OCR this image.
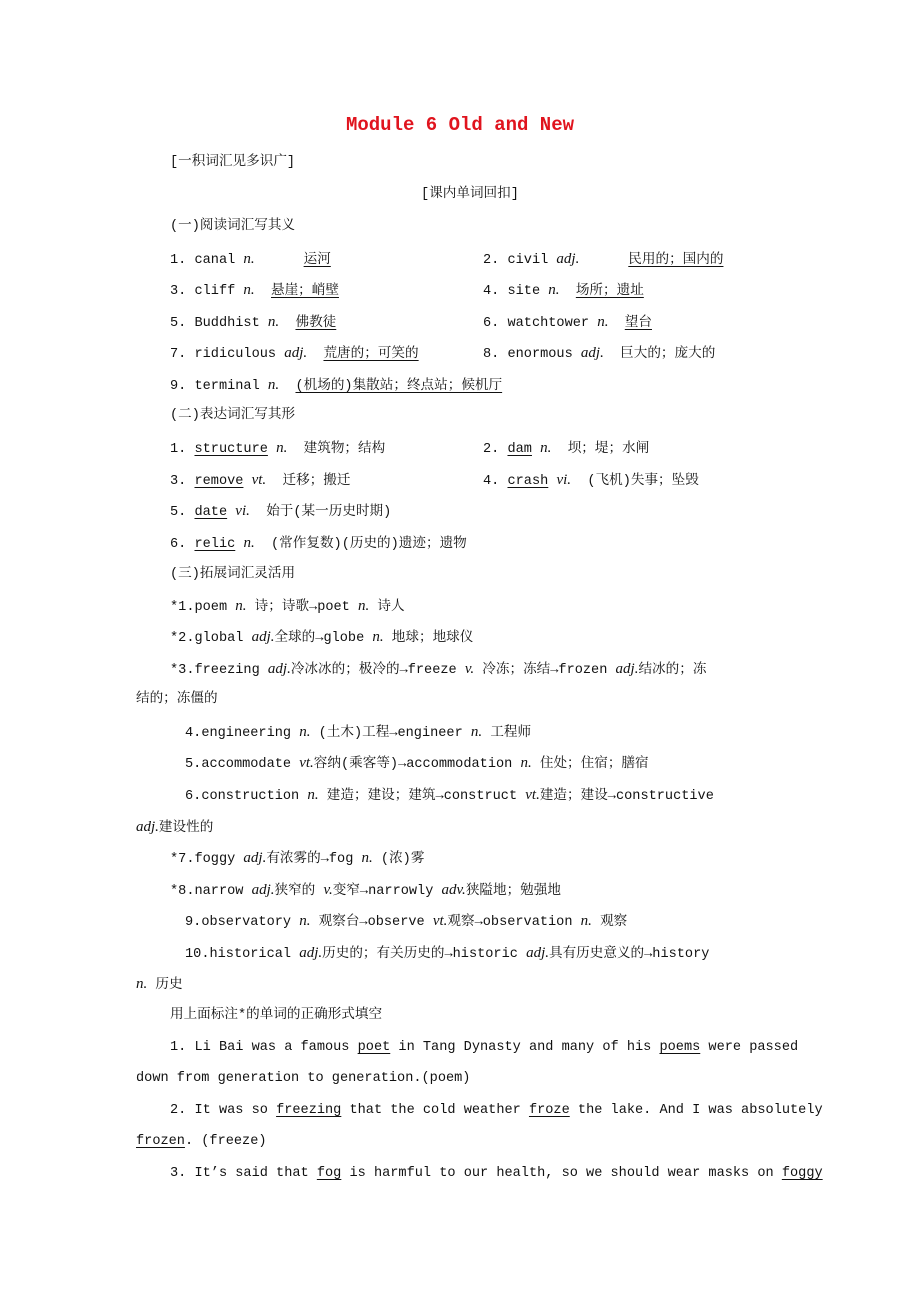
Module 6 Old and New
[一积词汇见多识广]
[课内单词回扣]
(一)阅读词汇写其义
1. canal n.	运河	2. civil adj.	民用的；国内的
3. cliff n. 悬崖；峭壁	4. site n. 场所；遗址
5. Buddhist n. 佛教徒	6. watchtower n. 望台
7. ridiculous adj. 荒唐的；可笑的	8. enormous adj. 巨大的；庞大的
9. terminal n. (机场的)集散站；终点站；候机厅
(二)表达词汇写其形
1. structure n.  建筑物；结构	2. dam n.  坝；堤；水闸
3. remove vt.  迁移；搬迁	4. crash vi.  (飞机)失事；坠毁
5. date vi.  始于(某一历史时期)
6. relic n.  (常作复数)(历史的)遗迹；遗物
(三)拓展词汇灵活用
*1.poem n. 诗；诗歌→poet n. 诗人
*2.global adj.全球的→globe n. 地球；地球仪
*3.freezing adj.冷冰冰的；极冷的→freeze v. 冷冻；冻结→frozen adj.结冰的；冻
结的；冻僵的
4.engineering n. (土木)工程→engineer n. 工程师
5.accommodate vt.容纳(乘客等)→accommodation n. 住处；住宿；膳宿
6.construction n. 建造；建设；建筑→construct vt.建造；建设→constructive
adj.建设性的
*7.foggy adj.有浓雾的→fog n. (浓)雾
*8.narrow adj.狭窄的 v.变窄→narrowly adv.狭隘地；勉强地
9.observatory n. 观察台→observe vt.观察→observation n. 观察
10.historical adj.历史的；有关历史的→historic adj.具有历史意义的→history
n. 历史
用上面标注*的单词的正确形式填空
1. Li Bai was a famous poet in Tang Dynasty and many of his poems were passed
down from generation to generation.(poem)
2. It was so freezing that the cold weather froze the lake. And I was absolutely
frozen. (freeze)
3. It’s said that fog is harmful to our health, so we should wear masks on foggy
